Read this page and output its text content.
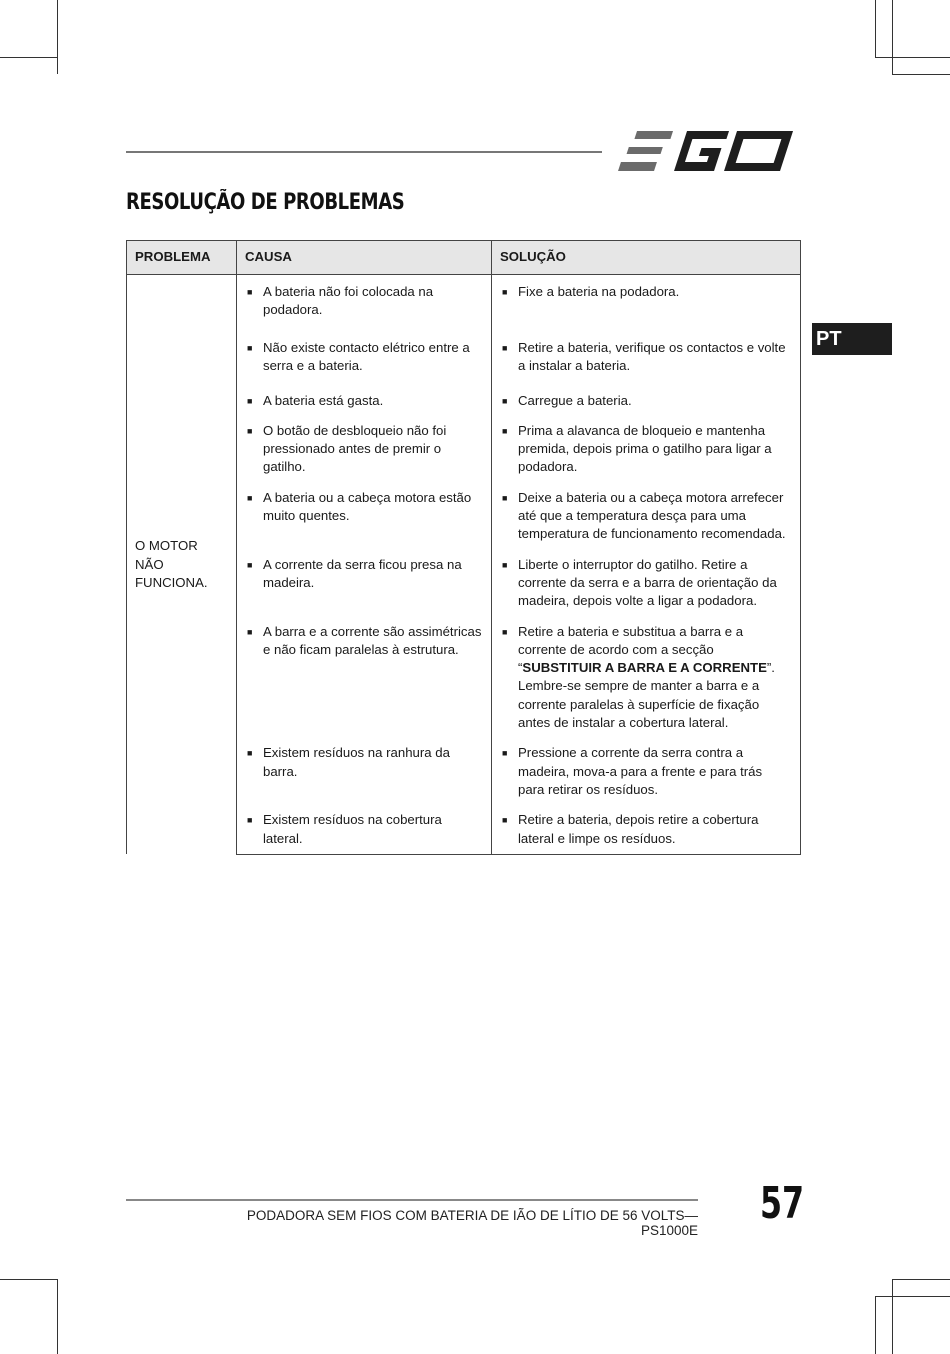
RESOLUÇÃO DE PROBLEMAS
PT
PROBLEMA	CAUSA	SOLUÇÃO
O MOTOR NÃO FUNCIONA.	■ A bateria não foi colocada na podadora.	■ Fixe a bateria na podadora.

	■ Não existe contacto elétrico entre a serra e a bateria.	■ Retire a bateria, verifique os contactos e volte a instalar a bateria.

	■ A bateria está gasta.	■ Carregue a bateria.

	■ O botão de desbloqueio não foi pressionado antes de premir o gatilho.	■ Prima a alavanca de bloqueio e mantenha premida, depois prima o gatilho para ligar a podadora.

	■ A bateria ou a cabeça motora estão muito quentes.	■ Deixe a bateria ou a cabeça motora arrefecer até que a temperatura desça para uma temperatura de funcionamento recomendada.

	■ A corrente da serra ficou presa na madeira.	■ Liberte o interruptor do gatilho. Retire a corrente da serra e a barra de orientação da madeira, depois volte a ligar a podadora.

	■ A barra e a corrente são assimétricas e não ficam paralelas à estrutura.	■ Retire a bateria e substitua a barra e a corrente de acordo com a secção “SUBSTITUIR A BARRA E A CORRENTE”. Lembre-se sempre de manter a barra e a corrente paralelas à superfície de fixação antes de instalar a cobertura lateral.

	■ Existem resíduos na ranhura da barra.	■ Pressione a corrente da serra contra a madeira, mova-a para a frente e para trás para retirar os resíduos.

	■ Existem resíduos na cobertura lateral.	■ Retire a bateria, depois retire a cobertura lateral e limpe os resíduos.
PODADORA SEM FIOS COM BATERIA DE IÃO DE LÍTIO DE 56 VOLTS— PS1000E
57
